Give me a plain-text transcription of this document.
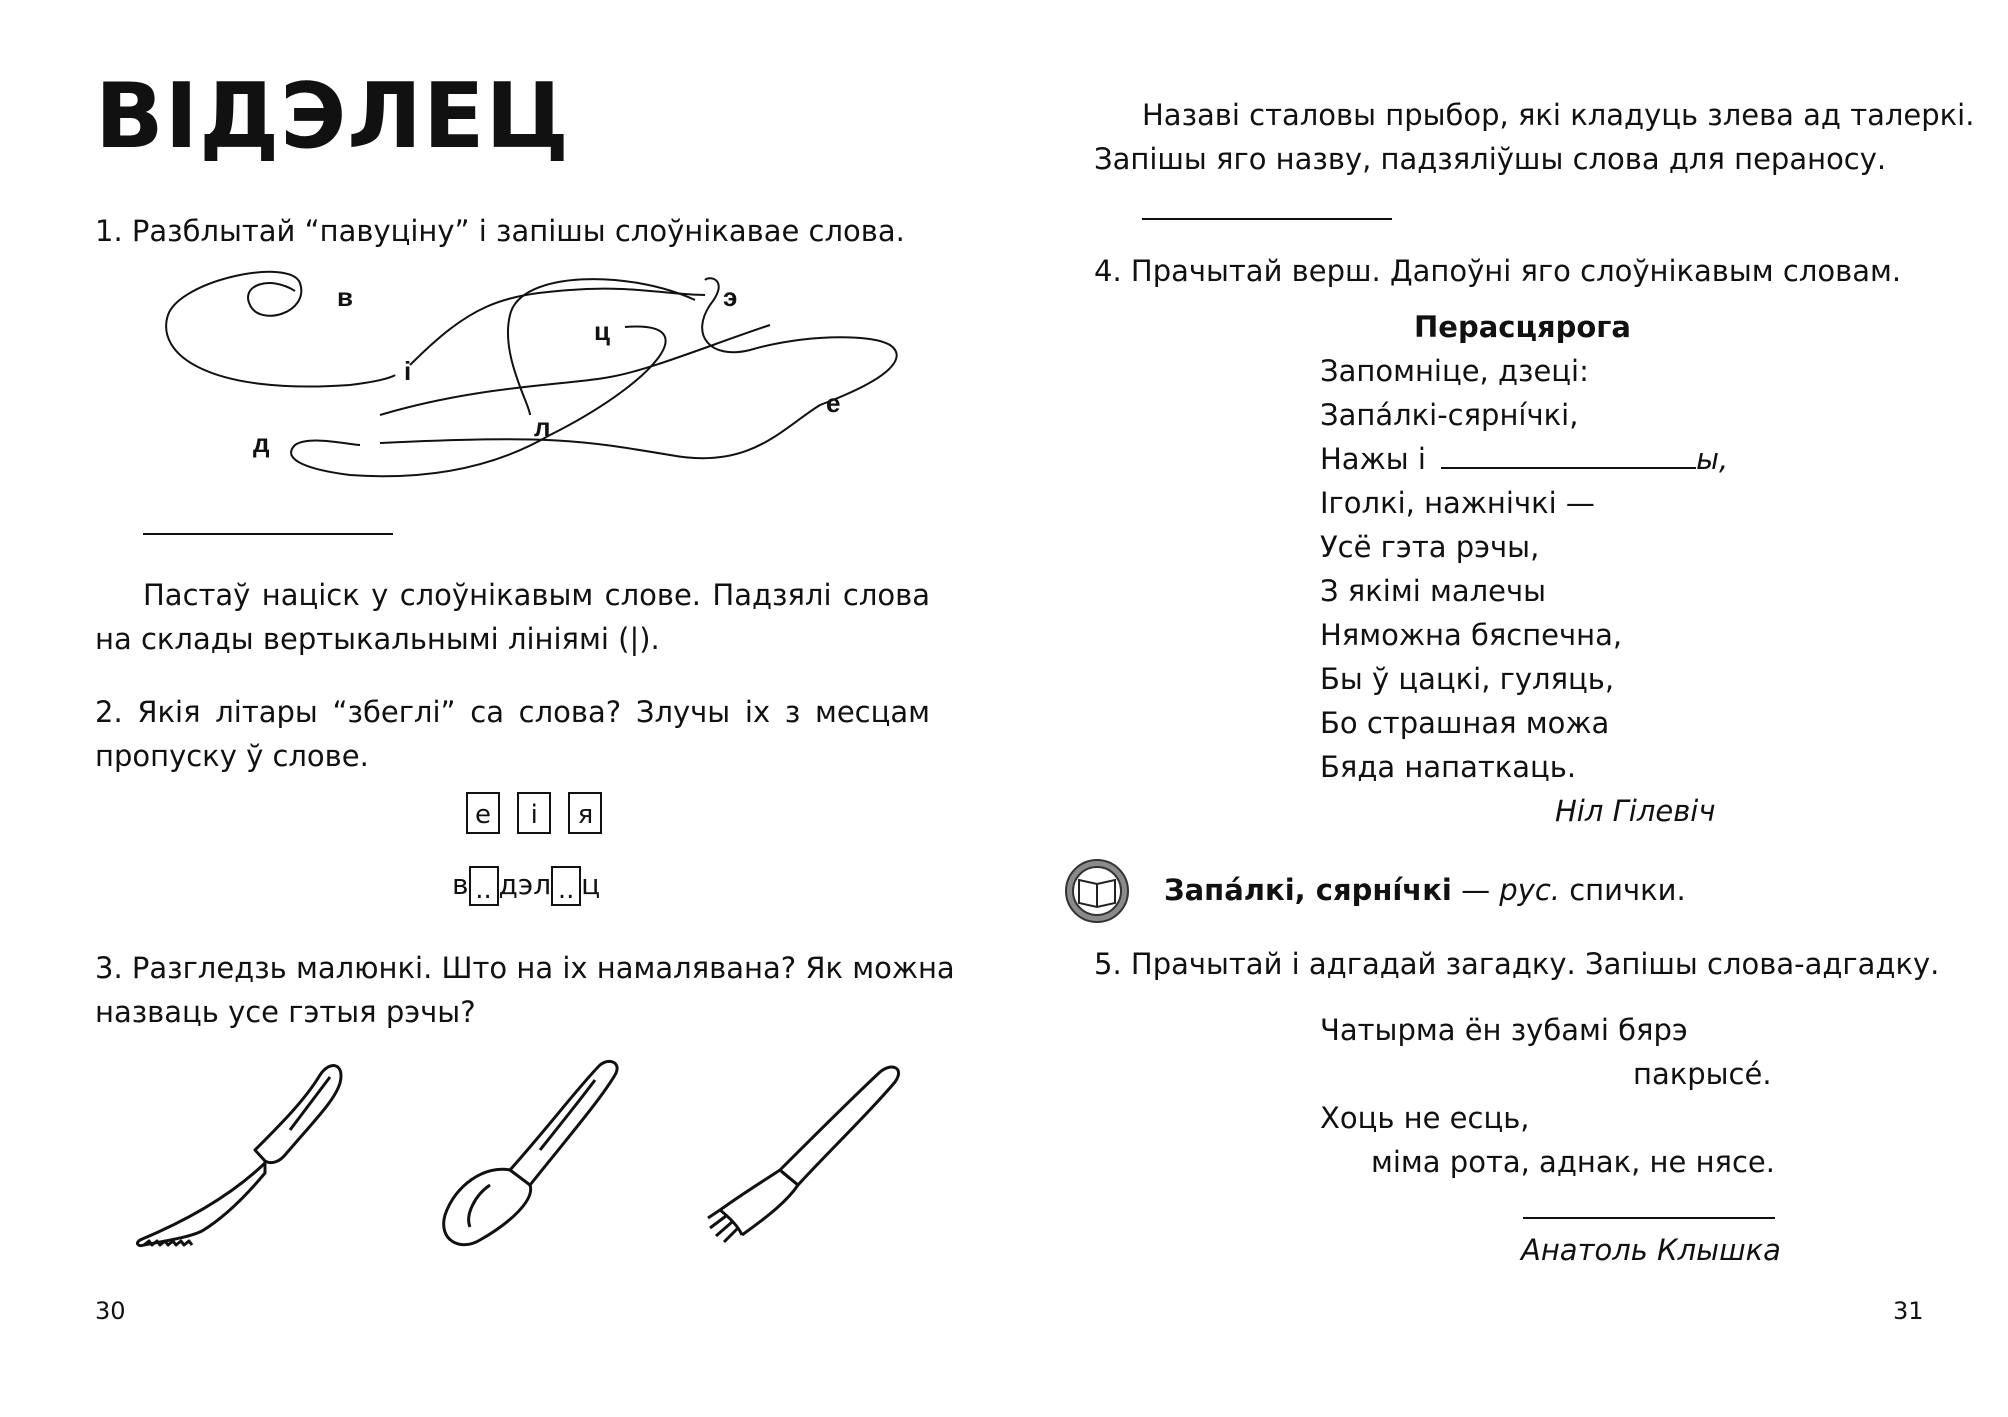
ВІДЭЛЕЦ
1. Разблытай “павуціну” і запішы слоўнікавае слова.
в	э
ц
і
е
д
л
Пастаў націск у слоўнікавым слове. Падзялі слова
на склады вертыкальнымі лініямі (|).
2. Якія літары “збеглі” са слова? Злучы іх з месцам
пропуску ў слове.
е і я
в .. дэл .. ц
3. Разгледзь малюнкі. Што на іх намалявана? Як можна
назваць усе гэтыя рэчы?
30
Назаві сталовы прыбор, які кладуць злева ад талеркі.
Запішы яго назву, падзяліўшы слова для пераносу.
4. Прачытай верш. Дапоўні яго слоўнікавым словам.
Перасцярога
Запомніце, дзеці:
Запа́лкі-сярні́чкі,
Нажы і	ы,
Іголкі, нажнічкі —
Усё гэта рэчы,
З якімі малечы
Няможна бяспечна,
Бы ў цацкі, гуляць,
Бо страшная можа
Бяда напаткаць.
Ніл Гілевіч
Запа́лкі, сярні́чкі — рус. спички.
5. Прачытай і адгадай загадку. Запішы слова-адгадку.
Чатырма ён зубамі бярэ
пакрысе́.
Хоць не есць,
міма рота, аднак, не нясе.
Анатоль Клышка
31
